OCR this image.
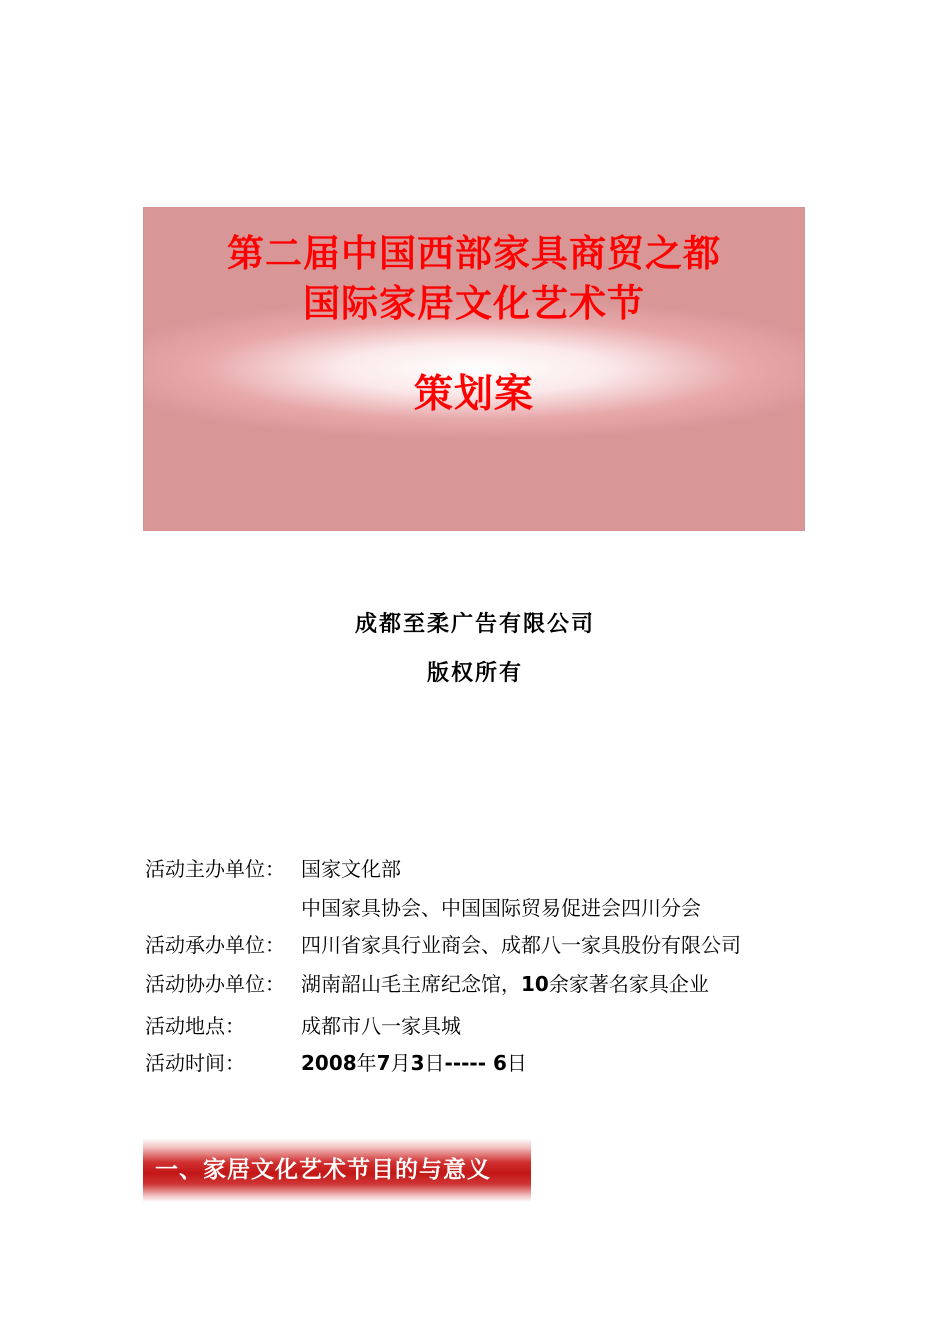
第二届中国西部家具商贸之都
国际家居文化艺术节
策划案
成都至柔广告有限公司
版权所有
活动主办单位： 国家文化部
中国家具协会、中国国际贸易促进会四川分会
活动承办单位： 四川省家具行业商会、成都八一家具股份有限公司
活动协办单位： 湖南韶山毛主席纪念馆，10余家著名家具企业
活动地点：	成都市八一家具城
活动时间：	2008年7月3日----- 6日
一、家居文化艺术节目的与意义
